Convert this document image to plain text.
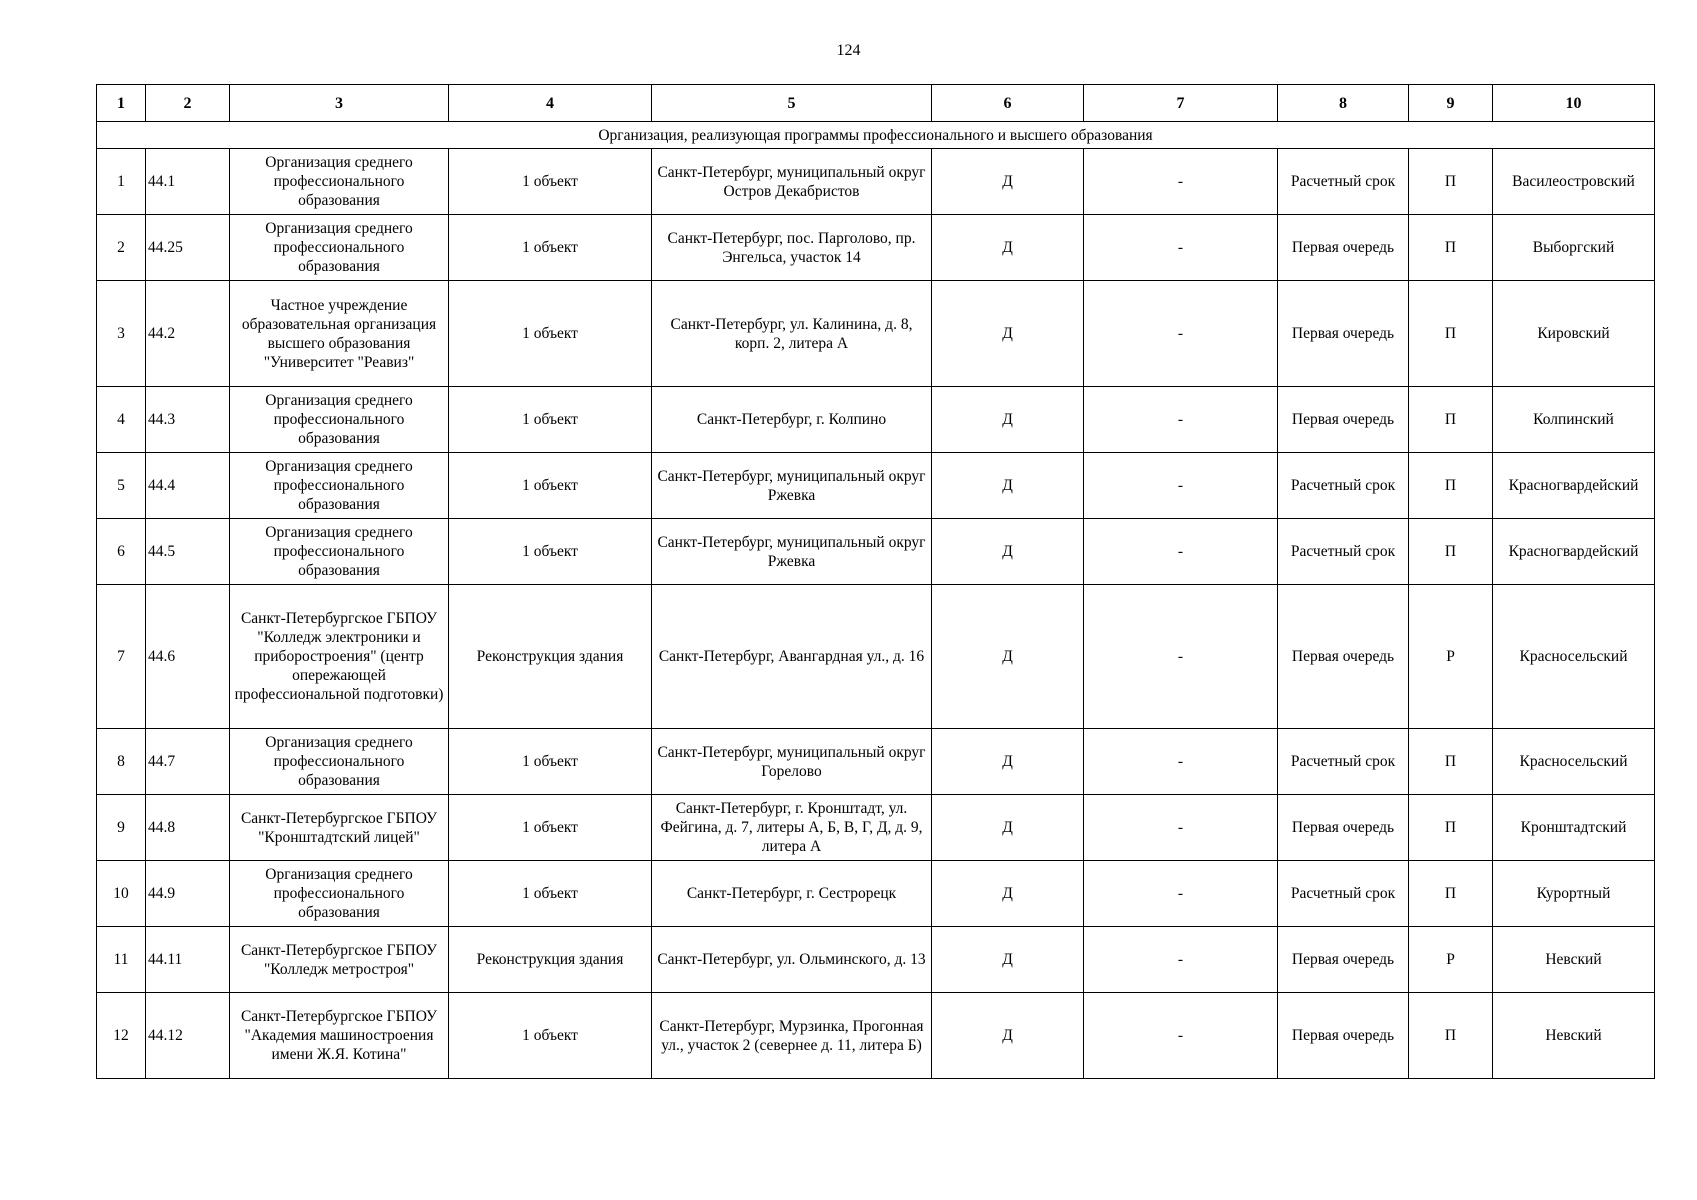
124
1	2	3	4	5	6	7	8	9	10
Организация, реализующая программы профессионального и высшего образования									
1	44.1	Организация среднего профессионального образования	1 объект	Санкт-Петербург, муниципальный округ Остров Декабристов	Д	-	Расчетный срок	П	Василеостровский
2	44.25	Организация среднего профессионального образования	1 объект	Санкт-Петербург, пос. Парголово, пр. Энгельса, участок 14	Д	-	Первая очередь	П	Выборгский
3	44.2	Частное учреждение образовательная организация высшего образования "Университет "Реавиз"	1 объект	Санкт-Петербург, ул. Калинина, д. 8, корп. 2, литера А	Д	-	Первая очередь	П	Кировский
4	44.3	Организация среднего профессионального образования	1 объект	Санкт-Петербург, г. Колпино	Д	-	Первая очередь	П	Колпинский
5	44.4	Организация среднего профессионального образования	1 объект	Санкт-Петербург, муниципальный округ Ржевка	Д	-	Расчетный срок	П	Красногвардейский
6	44.5	Организация среднего профессионального образования	1 объект	Санкт-Петербург, муниципальный округ Ржевка	Д	-	Расчетный срок	П	Красногвардейский
7	44.6	Санкт-Петербургское ГБПОУ "Колледж электроники и приборостроения" (центр опережающей профессиональной подготовки)	Реконструкция здания	Санкт-Петербург, Авангардная ул., д. 16	Д	-	Первая очередь	Р	Красносельский
8	44.7	Организация среднего профессионального образования	1 объект	Санкт-Петербург, муниципальный округ Горелово	Д	-	Расчетный срок	П	Красносельский
9	44.8	Санкт-Петербургское ГБПОУ "Кронштадтский лицей"	1 объект	Санкт-Петербург, г. Кронштадт, ул. Фейгина, д. 7, литеры А, Б, В, Г, Д, д. 9, литера А	Д	-	Первая очередь	П	Кронштадтский
10	44.9	Организация среднего профессионального образования	1 объект	Санкт-Петербург, г. Сестрорецк	Д	-	Расчетный срок	П	Курортный
11	44.11	Санкт-Петербургское ГБПОУ "Колледж метростроя"	Реконструкция здания	Санкт-Петербург, ул. Ольминского, д. 13	Д	-	Первая очередь	Р	Невский
12	44.12	Санкт-Петербургское ГБПОУ "Академия машиностроения имени Ж.Я. Котина"	1 объект	Санкт-Петербург, Мурзинка, Прогонная ул., участок 2 (севернее д. 11, литера Б)	Д	-	Первая очередь	П	Невский
